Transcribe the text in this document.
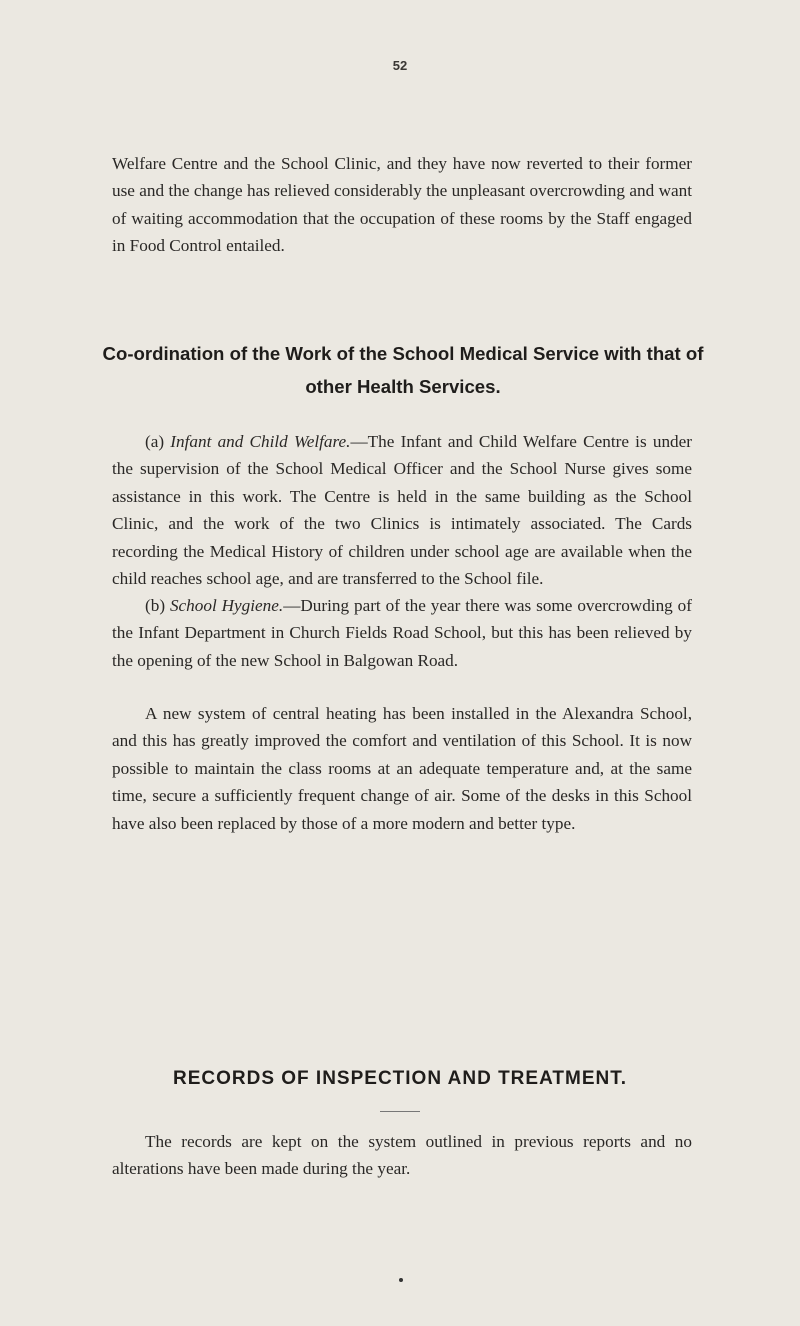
52

Welfare Centre and the School Clinic, and they have now reverted to their former use and the change has relieved considerably the unpleasant overcrowding and want of waiting accommodation that the occupation of these rooms by the Staff engaged in Food Control entailed.

Co-ordination of the Work of the School Medical Service with that of other Health Services.

(a) Infant and Child Welfare.—The Infant and Child Welfare Centre is under the supervision of the School Medical Officer and the School Nurse gives some assistance in this work. The Centre is held in the same building as the School Clinic, and the work of the two Clinics is intimately associated. The Cards recording the Medical History of children under school age are available when the child reaches school age, and are transferred to the School file.

(b) School Hygiene.—During part of the year there was some overcrowding of the Infant Department in Church Fields Road School, but this has been relieved by the opening of the new School in Balgowan Road.

A new system of central heating has been installed in the Alexandra School, and this has greatly improved the comfort and ventilation of this School. It is now possible to maintain the class rooms at an adequate temperature and, at the same time, secure a sufficiently frequent change of air. Some of the desks in this School have also been replaced by those of a more modern and better type.

RECORDS OF INSPECTION AND TREATMENT.

The records are kept on the system outlined in previous reports and no alterations have been made during the year.
